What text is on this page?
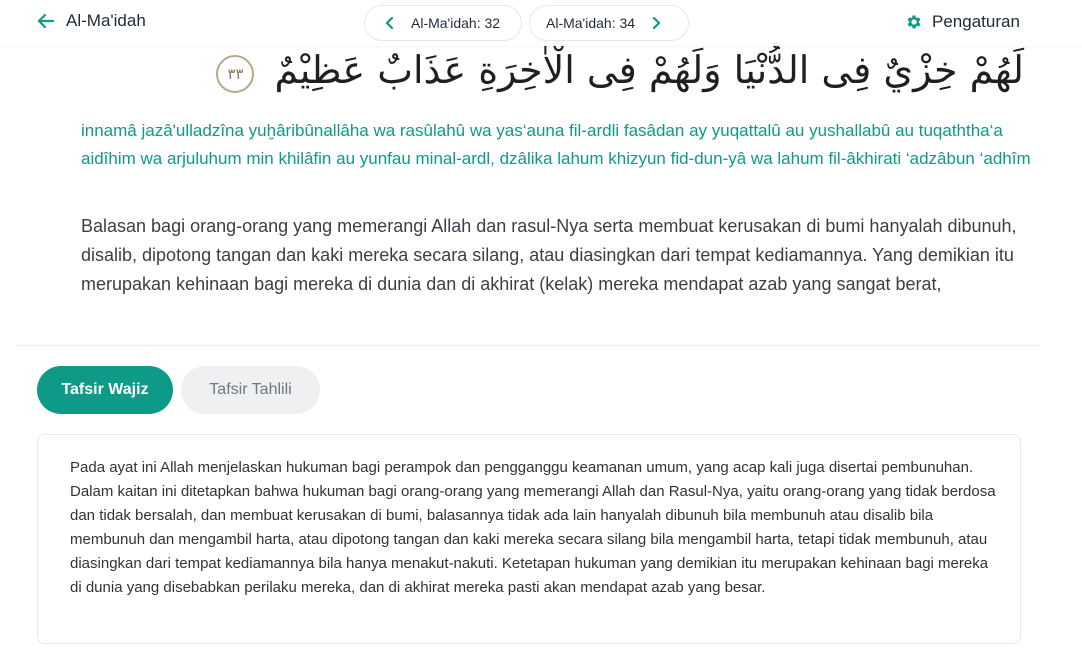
لَهُمْ خِزْيٌ فِى الدُّنْيَا وَلَهُمْ فِى الْاٰخِرَةِ عَذَابٌ عَظِيْمٌ ٣٣
Al-Ma'idah	Al-Ma'idah: 32	Al-Ma'idah: 34	Pengaturan

innamâ jazâ'ulladzîna yuḫâribûnallâha wa rasûlahû wa yas‘auna fil-ardli fasâdan ay yuqattalû au yushallabû au tuqaththa‘a aidîhim wa arjuluhum min khilâfin au yunfau minal-ardl, dzâlika lahum khizyun fid-dun-yâ wa lahum fil-âkhirati ‘adzâbun ‘adhîm

Balasan bagi orang-orang yang memerangi Allah dan rasul-Nya serta membuat kerusakan di bumi hanyalah dibunuh, disalib, dipotong tangan dan kaki mereka secara silang, atau diasingkan dari tempat kediamannya. Yang demikian itu merupakan kehinaan bagi mereka di dunia dan di akhirat (kelak) mereka mendapat azab yang sangat berat,

Tafsir Wajiz	Tafsir Tahlili

Pada ayat ini Allah menjelaskan hukuman bagi perampok dan pengganggu keamanan umum, yang acap kali juga disertai pembunuhan. Dalam kaitan ini ditetapkan bahwa hukuman bagi orang-orang yang memerangi Allah dan Rasul-Nya, yaitu orang-orang yang tidak berdosa dan tidak bersalah, dan membuat kerusakan di bumi, balasannya tidak ada lain hanyalah dibunuh bila membunuh atau disalib bila membunuh dan mengambil harta, atau dipotong tangan dan kaki mereka secara silang bila mengambil harta, tetapi tidak membunuh, atau diasingkan dari tempat kediamannya bila hanya menakut-nakuti. Ketetapan hukuman yang demikian itu merupakan kehinaan bagi mereka di dunia yang disebabkan perilaku mereka, dan di akhirat mereka pasti akan mendapat azab yang besar.
